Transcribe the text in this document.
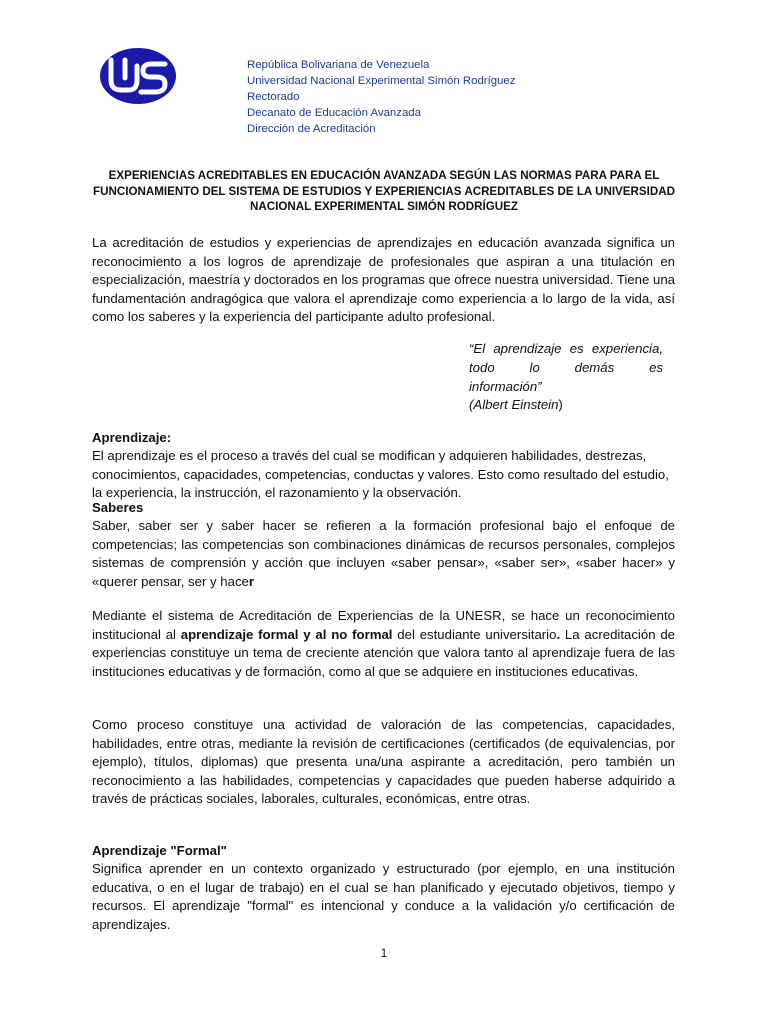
República Bolivariana de Venezuela
Universidad Nacional Experimental Simón Rodríguez
Rectorado
Decanato de Educación Avanzada
Dirección de Acreditación

EXPERIENCIAS ACREDITABLES EN EDUCACIÓN AVANZADA SEGÚN LAS NORMAS PARA PARA EL FUNCIONAMIENTO DEL SISTEMA DE ESTUDIOS Y EXPERIENCIAS ACREDITABLES DE LA UNIVERSIDAD NACIONAL EXPERIMENTAL SIMÓN RODRÍGUEZ

La acreditación de estudios y experiencias de aprendizajes en educación avanzada significa un reconocimiento a los logros de aprendizaje de profesionales que aspiran a una titulación en especialización, maestría y doctorados en los programas que ofrece nuestra universidad. Tiene una fundamentación andragógica que valora el aprendizaje como experiencia a lo largo de la vida, así como los saberes y la experiencia del participante adulto profesional.

“El aprendizaje es experiencia,
todo lo demás es
información”
(Albert Einstein)

Aprendizaje:

El aprendizaje es el proceso a través del cual se modifican y adquieren habilidades, destrezas, conocimientos, capacidades, competencias, conductas y valores. Esto como resultado del estudio, la experiencia, la instrucción, el razonamiento y la observación.

Saberes

Saber, saber ser y saber hacer se refieren a la formación profesional bajo el enfoque de competencias; las competencias son combinaciones dinámicas de recursos personales, complejos sistemas de comprensión y acción que incluyen «saber pensar», «saber ser», «saber hacer» y «querer pensar, ser y hacer

Mediante el sistema de Acreditación de Experiencias de la UNESR, se hace un reconocimiento institucional al aprendizaje formal y al no formal del estudiante universitario. La acreditación de experiencias constituye un tema de creciente atención que valora tanto al aprendizaje fuera de las instituciones educativas y de formación, como al que se adquiere en instituciones educativas.

Como proceso constituye una actividad de valoración de las competencias, capacidades, habilidades, entre otras, mediante la revisión de certificaciones (certificados (de equivalencias, por ejemplo), títulos, diplomas) que presenta una/una aspirante a acreditación, pero también un reconocimiento a las habilidades, competencias y capacidades que pueden haberse adquirido a través de prácticas sociales, laborales, culturales, económicas, entre otras.

Aprendizaje "Formal"

Significa aprender en un contexto organizado y estructurado (por ejemplo, en una institución educativa, o en el lugar de trabajo) en el cual se han planificado y ejecutado objetivos, tiempo y recursos. El aprendizaje "formal" es intencional y conduce a la validación y/o certificación de aprendizajes.

1
